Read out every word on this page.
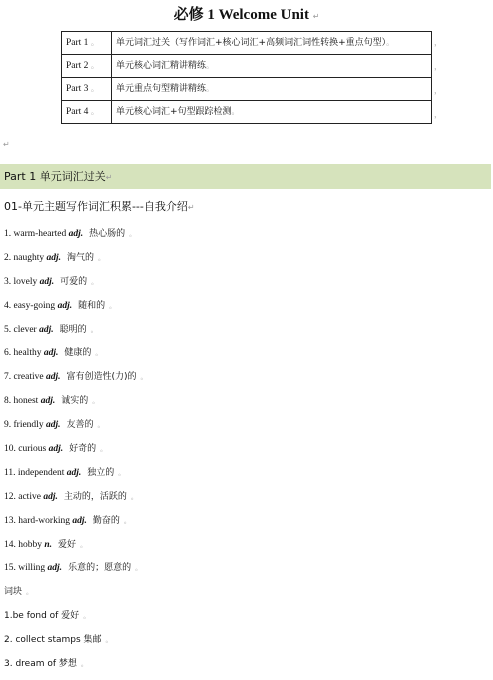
必修 1 Welcome Unit ↵
Part 1 。	单元词汇过关（写作词汇+核心词汇+高频词汇词性转换+重点句型）。
Part 2 。	单元核心词汇精讲精练。
Part 3 。	单元重点句型精讲精练。
Part 4 。	单元核心词汇+句型跟踪检测。
，
，
，
，
↵
Part 1 单元词汇过关↵
01-单元主题写作词汇积累---自我介绍↵
1. warm-hearted adj. 热心肠的 。
2. naughty adj. 淘气的 。
3. lovely adj. 可爱的 。
4. easy-going adj. 随和的 。
5. clever adj. 聪明的 。
6. healthy adj. 健康的 。
7. creative adj. 富有创造性(力)的 。
8. honest adj. 诚实的 。
9. friendly adj. 友善的 。
10. curious adj. 好奇的 。
11. independent adj. 独立的 。
12. active adj. 主动的，活跃的 。
13. hard-working adj. 勤奋的 。
14. hobby n. 爱好 。
15. willing adj. 乐意的；愿意的 。
词块 。
1.be fond of 爱好 。
2. collect stamps 集邮 。
3. dream of 梦想 。
